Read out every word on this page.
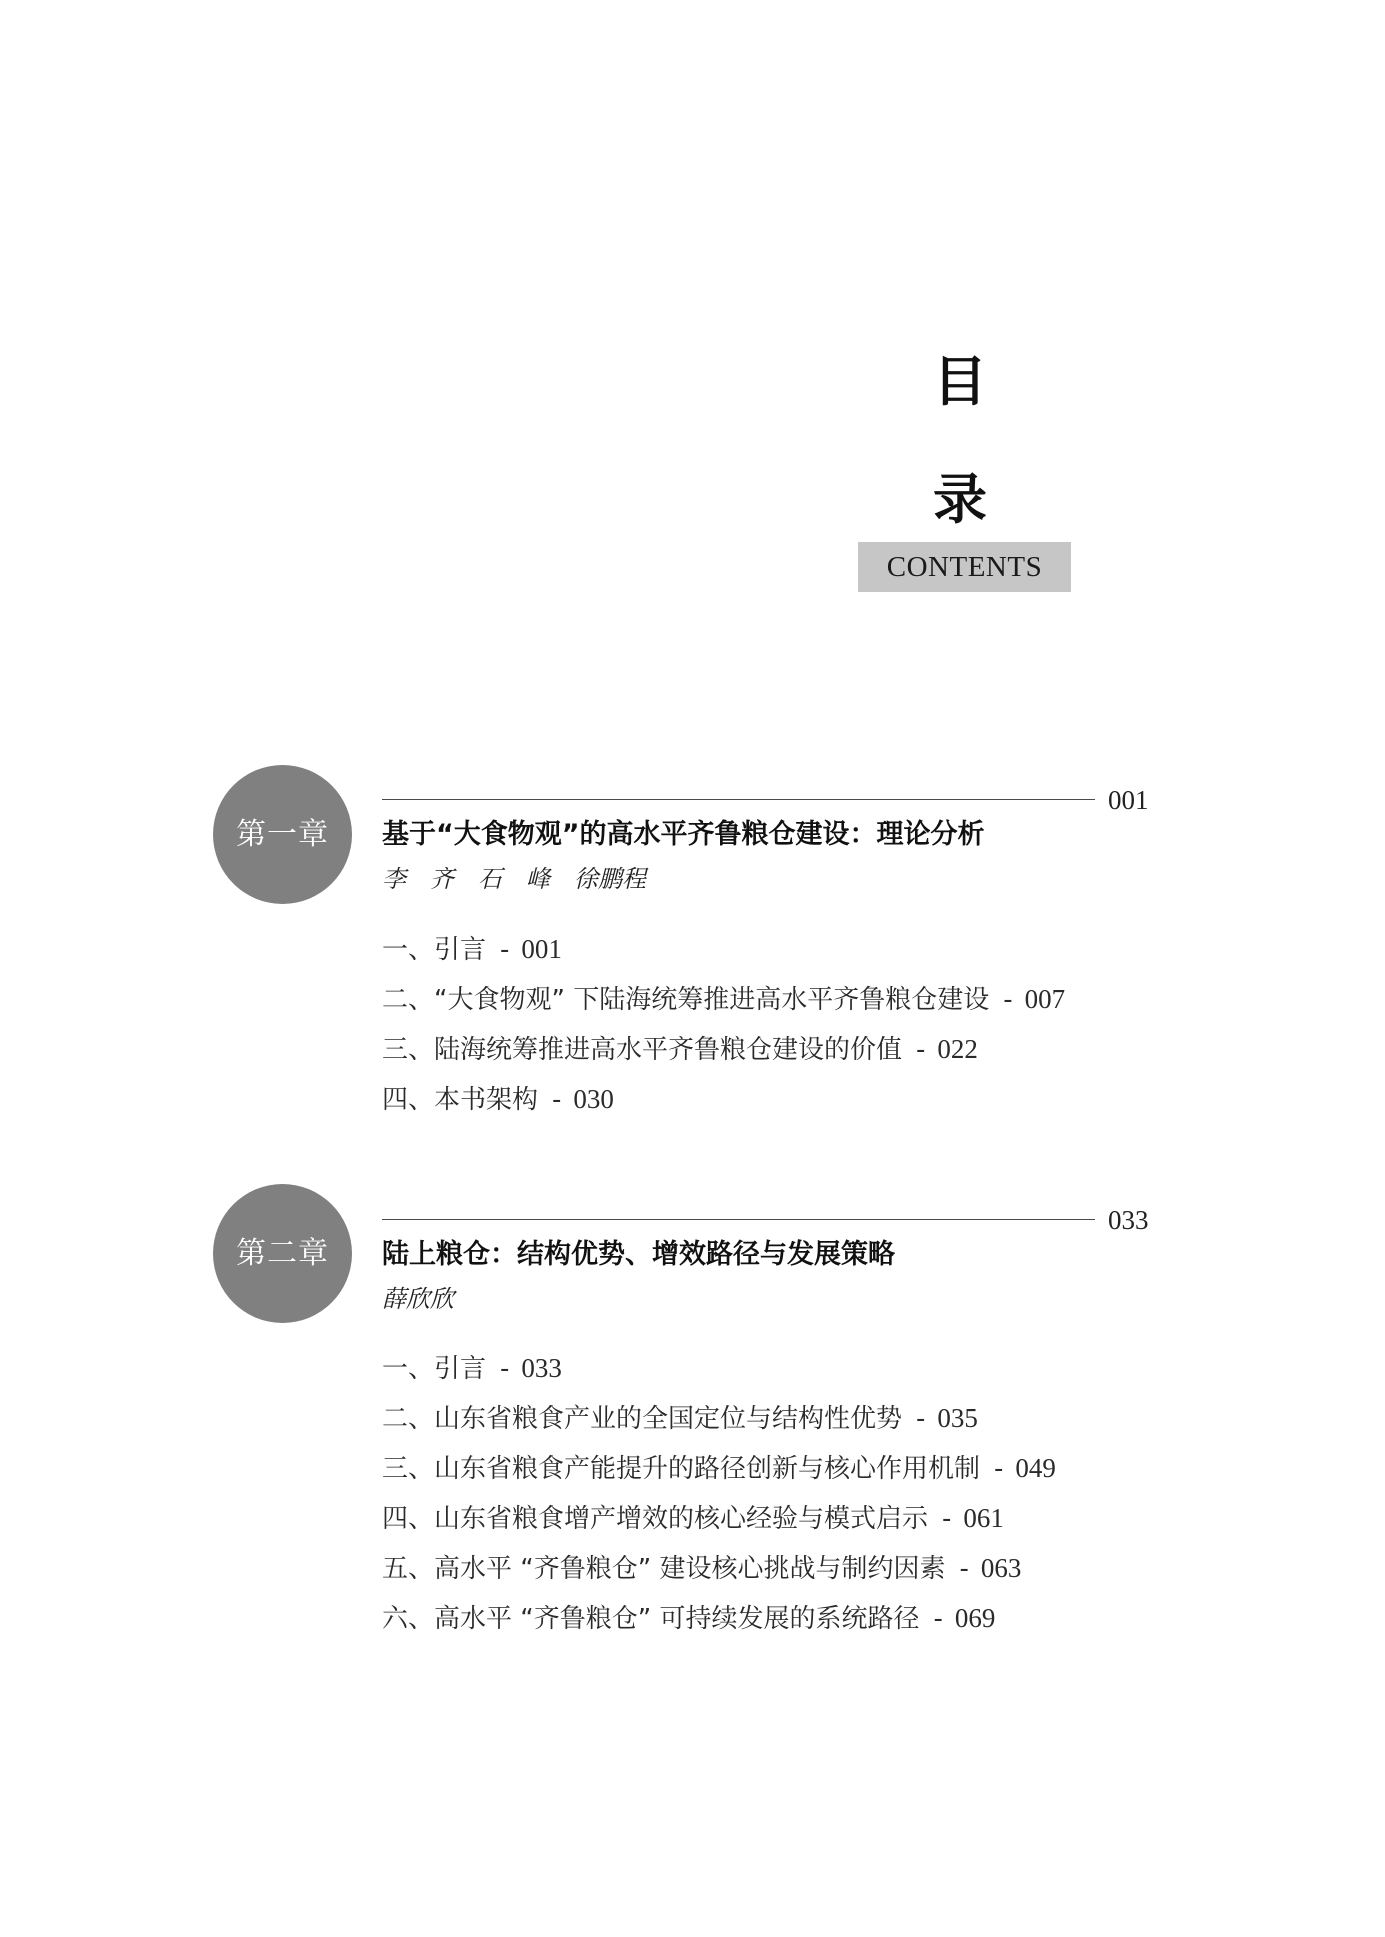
目
录
CONTENTS
第一章
001
基于“大食物观”的高水平齐鲁粮仓建设：理论分析
李　齐　石　峰　徐鹏程
一、引言 - 001
二、“大食物观” 下陆海统筹推进高水平齐鲁粮仓建设 - 007
三、陆海统筹推进高水平齐鲁粮仓建设的价值 - 022
四、本书架构 - 030
第二章
033
陆上粮仓：结构优势、增效路径与发展策略
薛欣欣
一、引言 - 033
二、山东省粮食产业的全国定位与结构性优势 - 035
三、山东省粮食产能提升的路径创新与核心作用机制 - 049
四、山东省粮食增产增效的核心经验与模式启示 - 061
五、高水平 “齐鲁粮仓” 建设核心挑战与制约因素 - 063
六、高水平 “齐鲁粮仓” 可持续发展的系统路径 - 069
